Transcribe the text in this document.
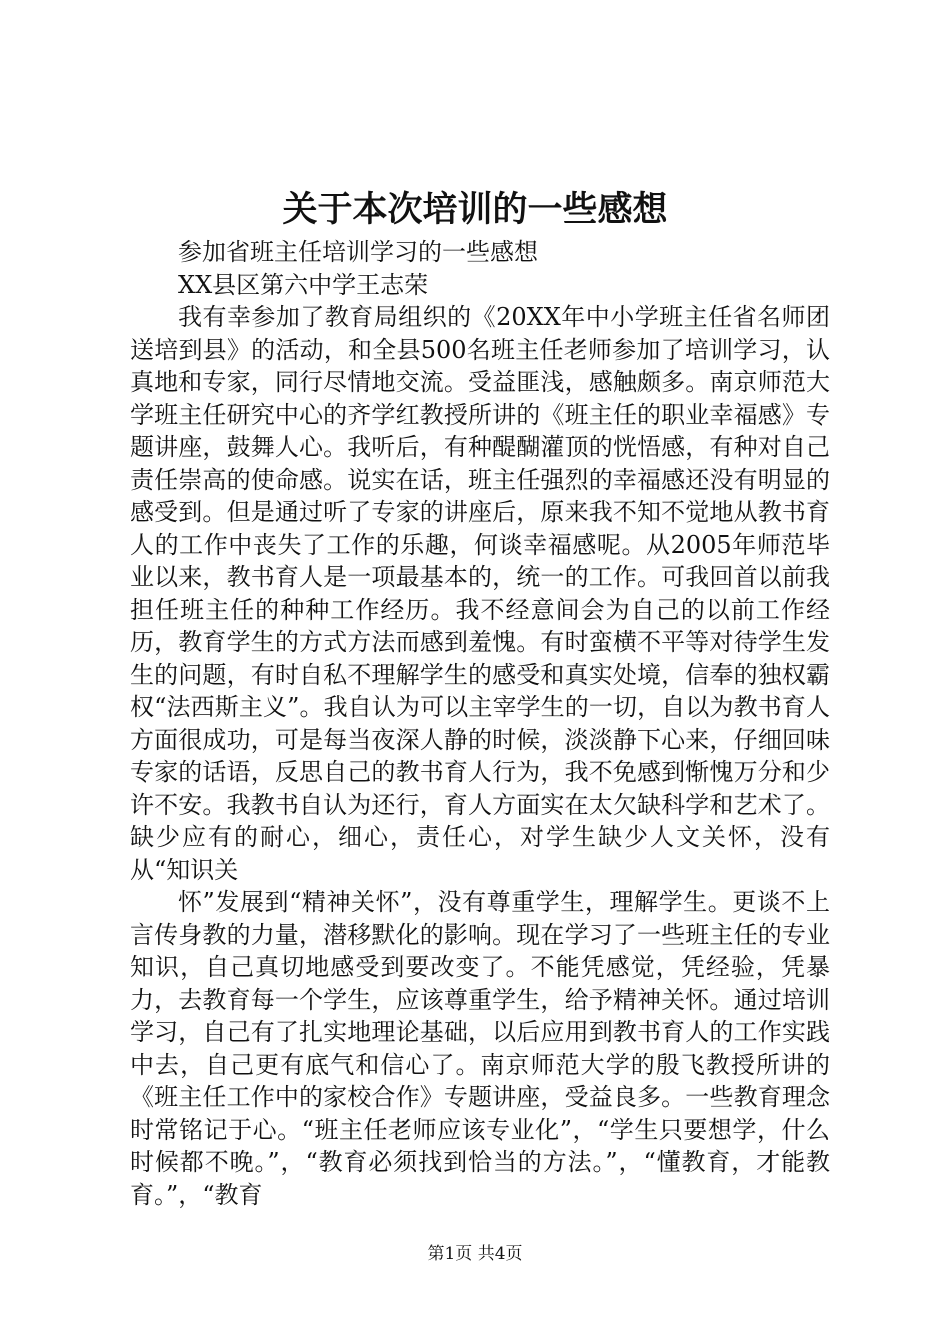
关于本次培训的一些感想

参加省班主任培训学习的一些感想

XX县区第六中学王志荣

我有幸参加了教育局组织的《20XX年中小学班主任省名师团送培到县》的活动，和全县500名班主任老师参加了培训学习，认真地和专家，同行尽情地交流。受益匪浅，感触颇多。南京师范大学班主任研究中心的齐学红教授所讲的《班主任的职业幸福感》专题讲座，鼓舞人心。我听后，有种醍醐灌顶的恍悟感，有种对自己责任崇高的使命感。说实在话，班主任强烈的幸福感还没有明显的感受到。但是通过听了专家的讲座后，原来我不知不觉地从教书育人的工作中丧失了工作的乐趣，何谈幸福感呢。从2005年师范毕业以来，教书育人是一项最基本的，统一的工作。可我回首以前我担任班主任的种种工作经历。我不经意间会为自己的以前工作经历，教育学生的方式方法而感到羞愧。有时蛮横不平等对待学生发生的问题，有时自私不理解学生的感受和真实处境，信奉的独权霸权“法西斯主义”。我自认为可以主宰学生的一切，自以为教书育人方面很成功，可是每当夜深人静的时候，淡淡静下心来，仔细回味专家的话语，反思自己的教书育人行为，我不免感到惭愧万分和少许不安。我教书自认为还行，育人方面实在太欠缺科学和艺术了。缺少应有的耐心，细心，责任心，对学生缺少人文关怀，没有从“知识关

怀”发展到“精神关怀”，没有尊重学生，理解学生。更谈不上言传身教的力量，潜移默化的影响。现在学习了一些班主任的专业知识，自己真切地感受到要改变了。不能凭感觉，凭经验，凭暴力，去教育每一个学生，应该尊重学生，给予精神关怀。通过培训学习，自己有了扎实地理论基础，以后应用到教书育人的工作实践中去，自己更有底气和信心了。南京师范大学的殷飞教授所讲的《班主任工作中的家校合作》专题讲座，受益良多。一些教育理念时常铭记于心。“班主任老师应该专业化”，“学生只要想学，什么时候都不晚。”，“教育必须找到恰当的方法。”，“懂教育，才能教育。”，“教育

第1页 共4页
